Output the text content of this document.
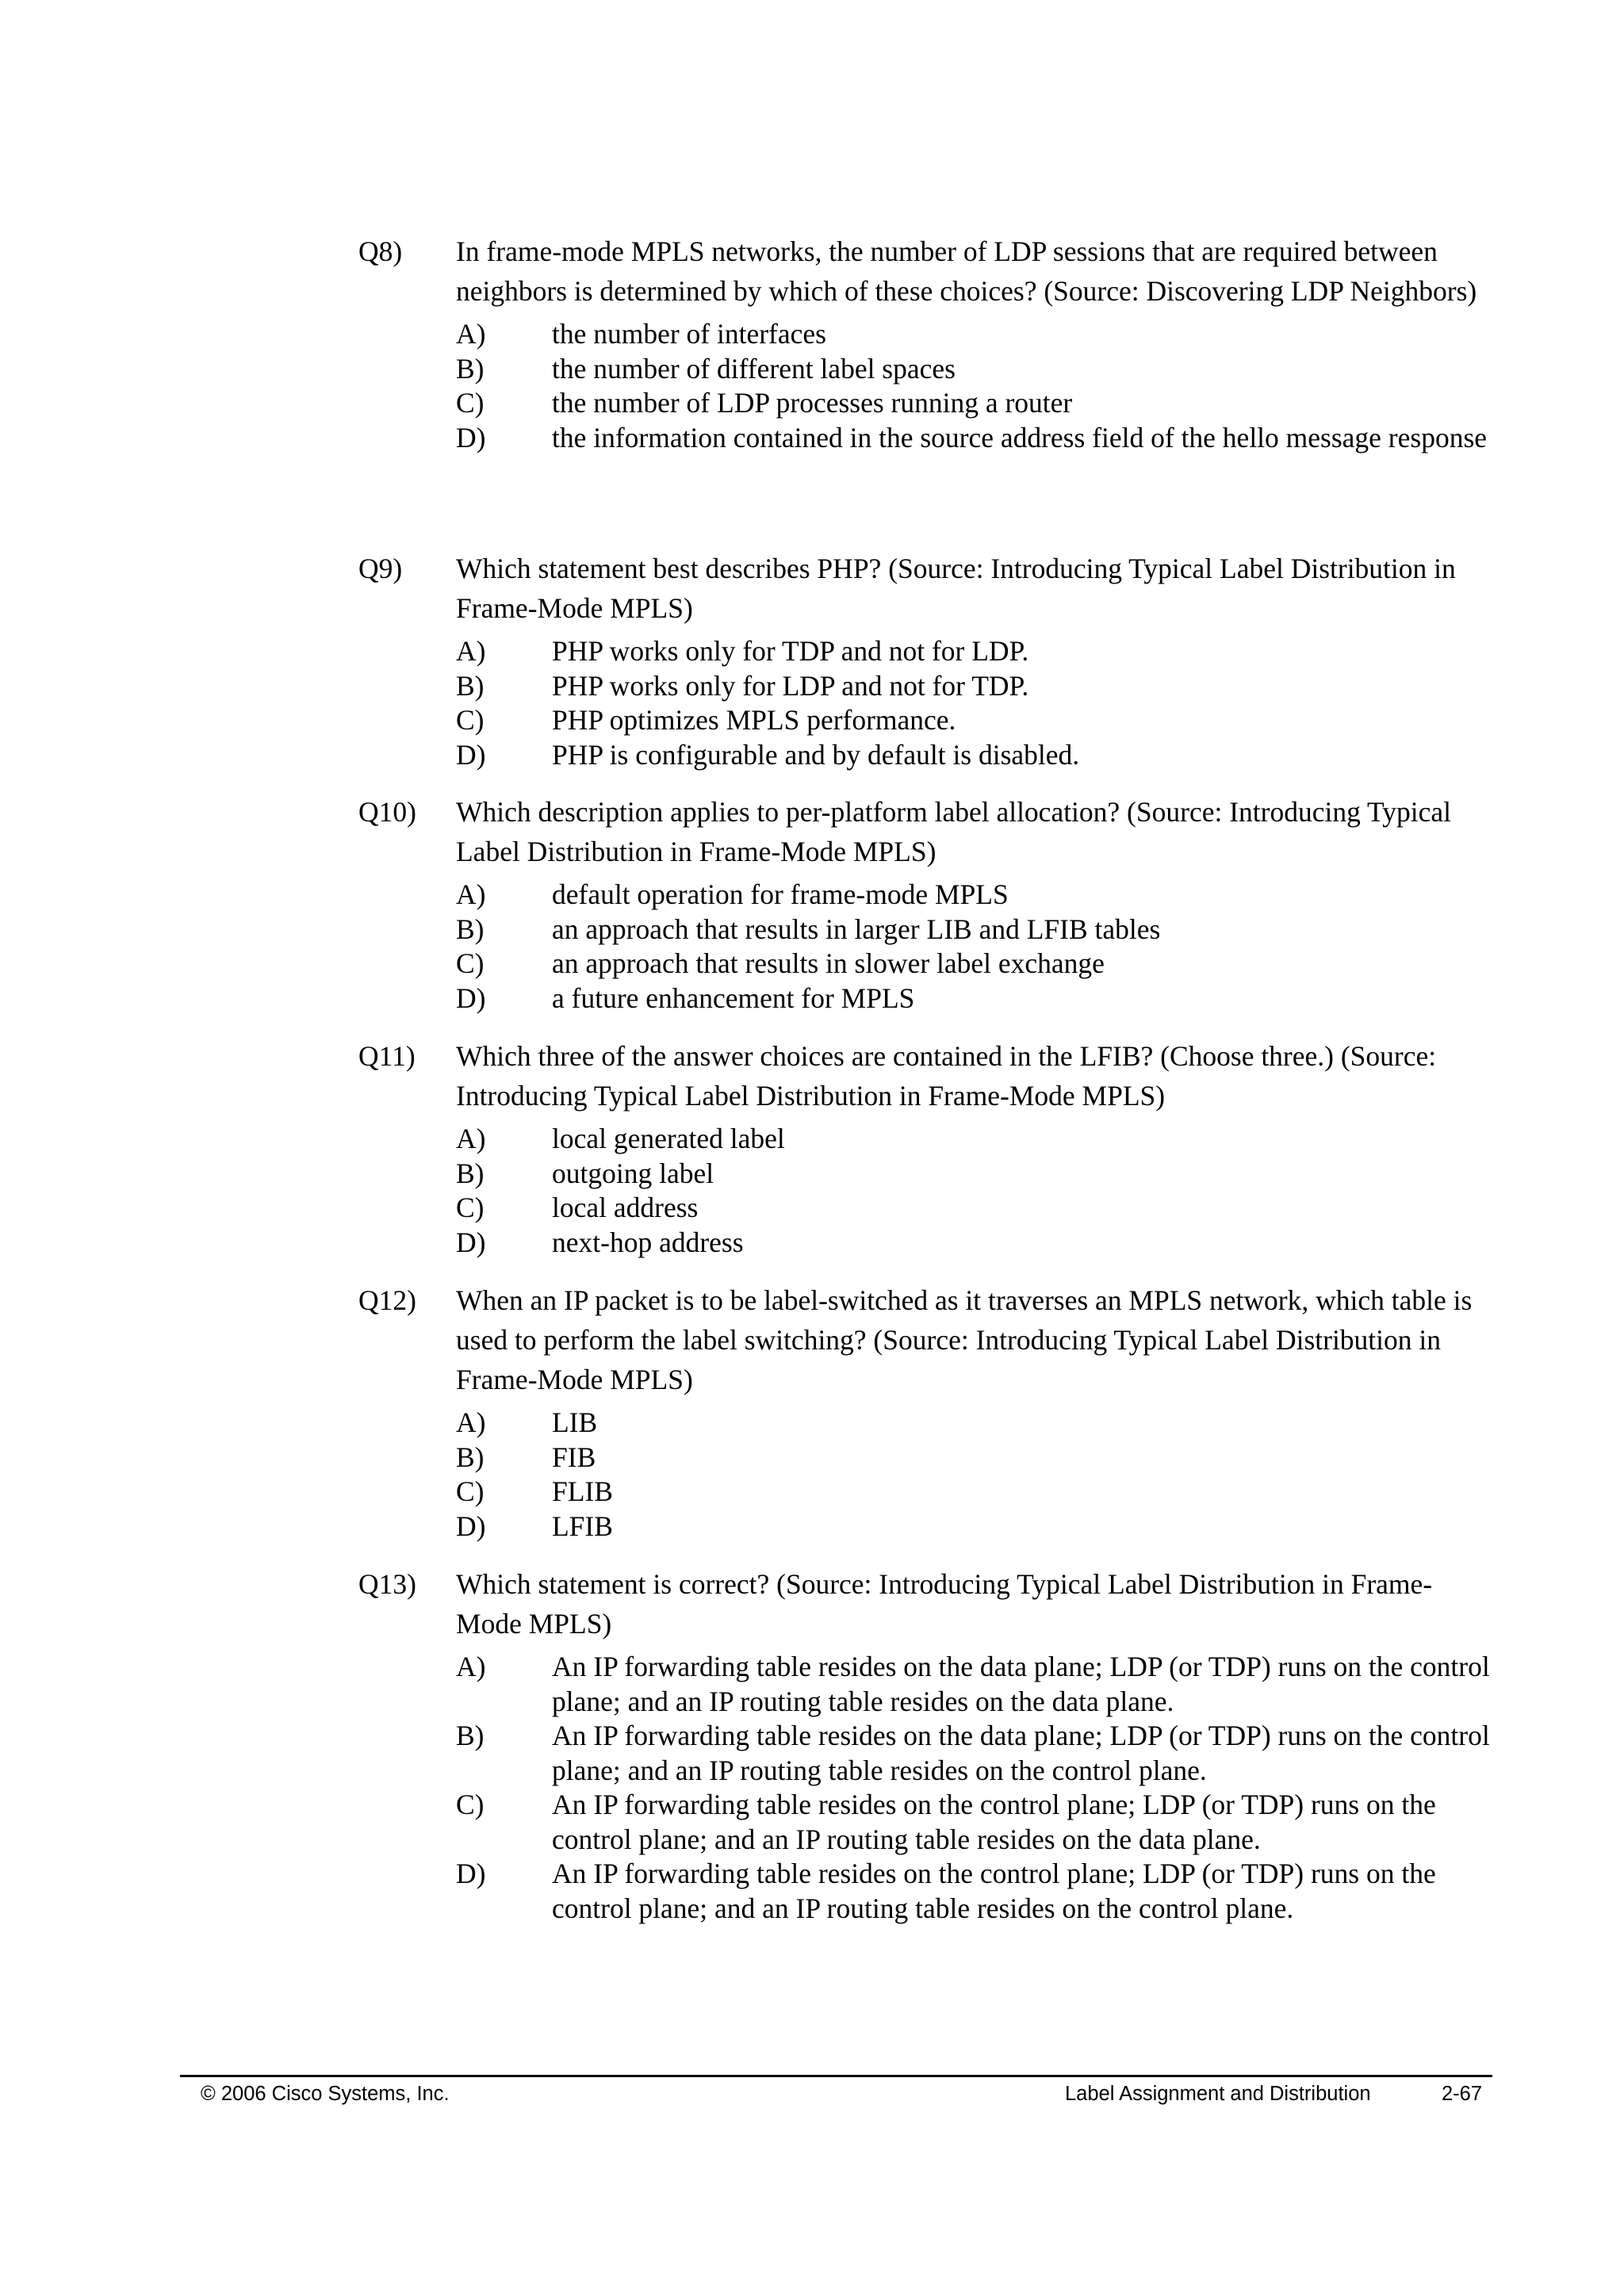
Q8)	In frame-mode MPLS networks, the number of LDP sessions that are required between neighbors is determined by which of these choices? (Source: Discovering LDP Neighbors)
A) the number of interfaces
B) the number of different label spaces
C) the number of LDP processes running a router
D) the information contained in the source address field of the hello message response
Q9)	Which statement best describes PHP? (Source: Introducing Typical Label Distribution in Frame-Mode MPLS)
A) PHP works only for TDP and not for LDP.
B) PHP works only for LDP and not for TDP.
C) PHP optimizes MPLS performance.
D) PHP is configurable and by default is disabled.
Q10)	Which description applies to per-platform label allocation? (Source: Introducing Typical Label Distribution in Frame-Mode MPLS)
A) default operation for frame-mode MPLS
B) an approach that results in larger LIB and LFIB tables
C) an approach that results in slower label exchange
D) a future enhancement for MPLS
Q11)	Which three of the answer choices are contained in the LFIB? (Choose three.) (Source: Introducing Typical Label Distribution in Frame-Mode MPLS)
A) local generated label
B) outgoing label
C) local address
D) next-hop address
Q12)	When an IP packet is to be label-switched as it traverses an MPLS network, which table is used to perform the label switching? (Source: Introducing Typical Label Distribution in Frame-Mode MPLS)
A) LIB
B) FIB
C) FLIB
D) LFIB
Q13)	Which statement is correct? (Source: Introducing Typical Label Distribution in Frame-Mode MPLS)
A) An IP forwarding table resides on the data plane; LDP (or TDP) runs on the control plane; and an IP routing table resides on the data plane.
B) An IP forwarding table resides on the data plane; LDP (or TDP) runs on the control plane; and an IP routing table resides on the control plane.
C) An IP forwarding table resides on the control plane; LDP (or TDP) runs on the control plane; and an IP routing table resides on the data plane.
D) An IP forwarding table resides on the control plane; LDP (or TDP) runs on the control plane; and an IP routing table resides on the control plane.
© 2006 Cisco Systems, Inc.	Label Assignment and Distribution	2-67
